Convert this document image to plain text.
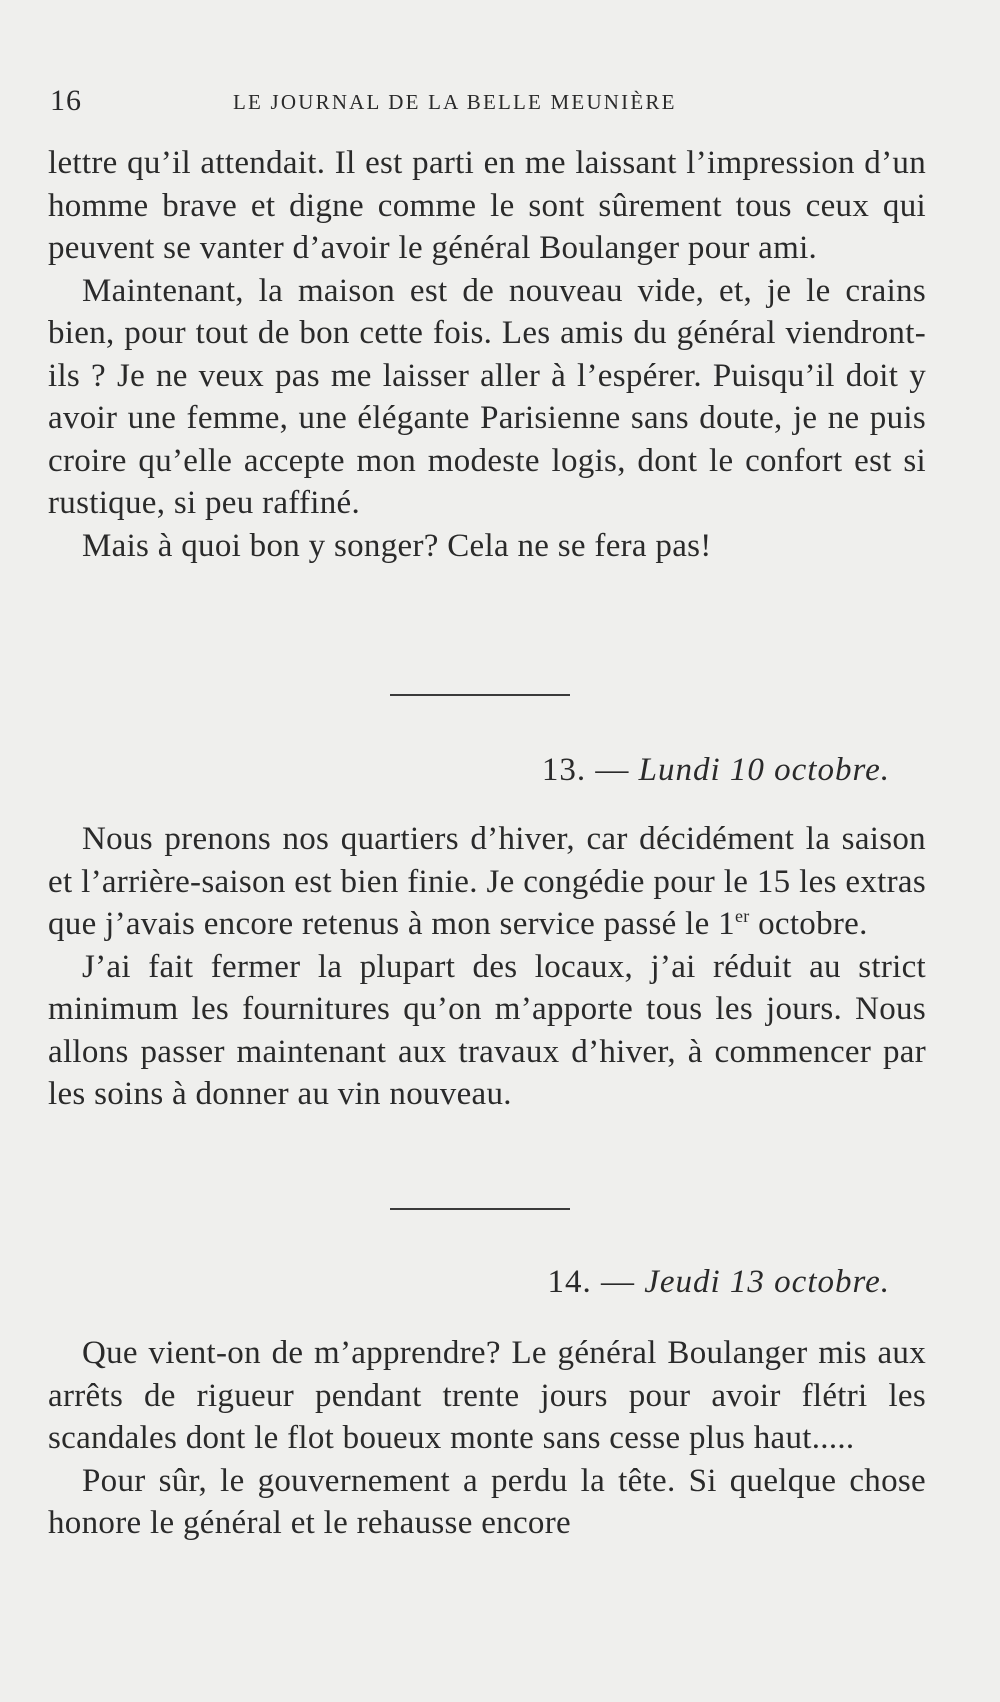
16	LE JOURNAL DE LA BELLE MEUNIÈRE

lettre qu’il attendait. Il est parti en me laissant l’impression d’un homme brave et digne comme le sont sûrement tous ceux qui peuvent se vanter d’avoir le général Boulanger pour ami.

Maintenant, la maison est de nouveau vide, et, je le crains bien, pour tout de bon cette fois. Les amis du général viendront-ils ? Je ne veux pas me laisser aller à l’espérer. Puisqu’il doit y avoir une femme, une élégante Parisienne sans doute, je ne puis croire qu’elle accepte mon modeste logis, dont le confort est si rustique, si peu raffiné.

Mais à quoi bon y songer? Cela ne se fera pas!

13. — Lundi 10 octobre.

Nous prenons nos quartiers d’hiver, car décidément la saison et l’arrière-saison est bien finie. Je congédie pour le 15 les extras que j’avais encore retenus à mon service passé le 1er octobre.

J’ai fait fermer la plupart des locaux, j’ai réduit au strict minimum les fournitures qu’on m’apporte tous les jours. Nous allons passer maintenant aux travaux d’hiver, à commencer par les soins à donner au vin nouveau.

14. — Jeudi 13 octobre.

Que vient-on de m’apprendre? Le général Boulanger mis aux arrêts de rigueur pendant trente jours pour avoir flétri les scandales dont le flot boueux monte sans cesse plus haut.....

Pour sûr, le gouvernement a perdu la tête. Si quelque chose honore le général et le rehausse encore
